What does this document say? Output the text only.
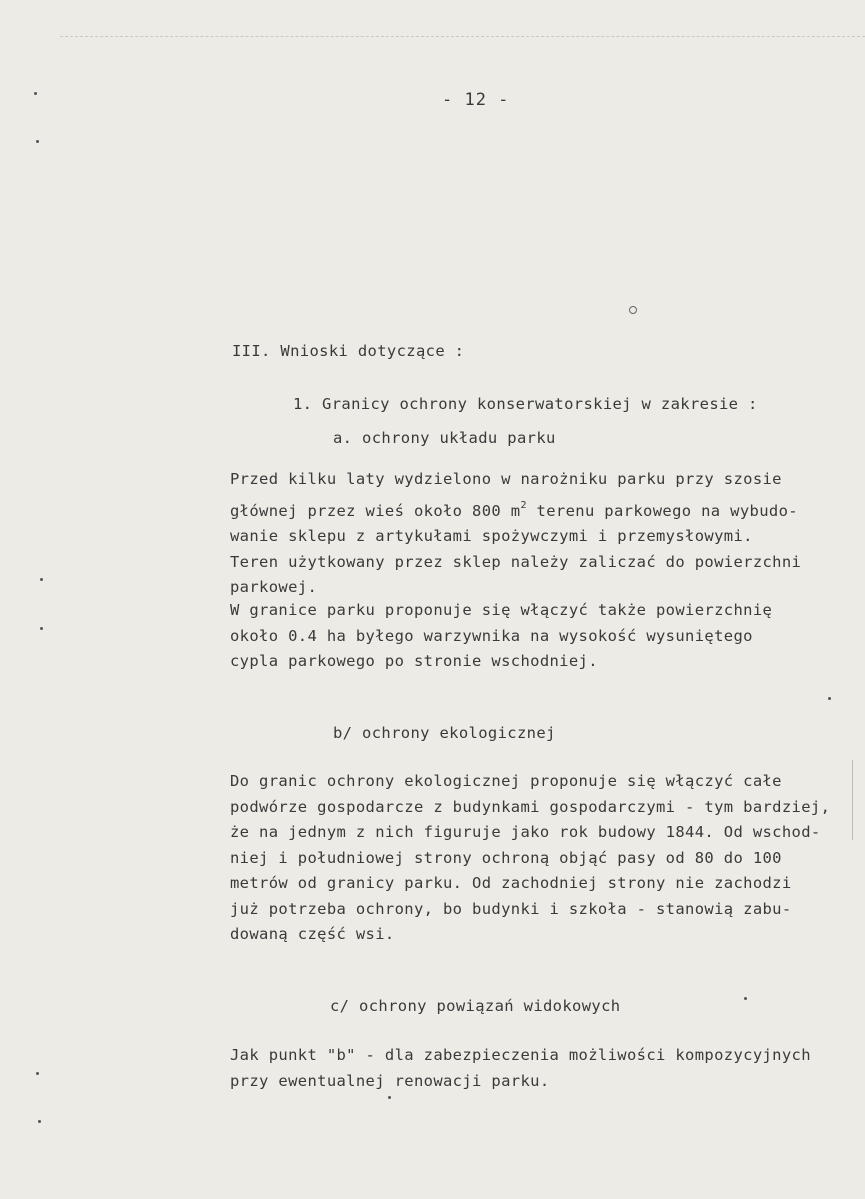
- 12 -
III. Wnioski dotyczące :
1. Granicy ochrony konserwatorskiej w zakresie :
a. ochrony układu parku
Przed kilku laty wydzielono w narożniku parku przy szosie
głównej przez wieś około 800 $m^2$ terenu parkowego na wybudo-
wanie sklepu z artykułami spożywczymi i przemysłowymi.
Teren użytkowany przez sklep należy zaliczać do powierzchni
parkowej.
W granice parku proponuje się włączyć także powierzchnię
około 0.4 ha byłego warzywnika na wysokość wysuniętego
cypla parkowego po stronie wschodniej.
b/ ochrony ekologicznej
Do granic ochrony ekologicznej proponuje się włączyć całe
podwórze gospodarcze z budynkami gospodarczymi - tym bardziej,
że na jednym z nich figuruje jako rok budowy 1844. Od wschod-
niej i południowej strony ochroną objąć pasy od 80 do 100
metrów od granicy parku. Od zachodniej strony nie zachodzi
już potrzeba ochrony, bo budynki i szkoła - stanowią zabu-
dowaną część wsi.
c/ ochrony powiązań widokowych
Jak punkt "b" - dla zabezpieczenia możliwości kompozycyjnych
przy ewentualnej renowacji parku.
